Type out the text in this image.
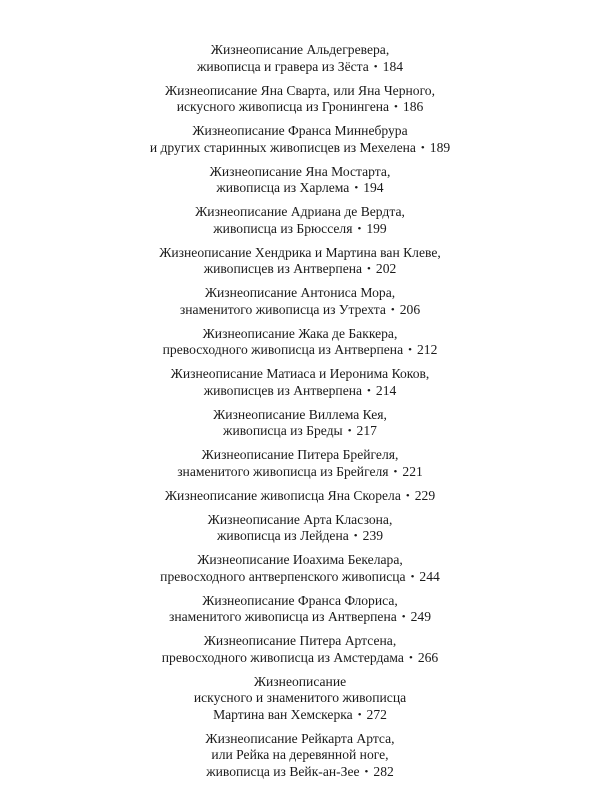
Жизнеописание Альдегревера,
живописца и гравера из Зёста • 184
Жизнеописание Яна Сварта, или Яна Черного,
искусного живописца из Гронингена • 186
Жизнеописание Франса Миннебрура
и других старинных живописцев из Мехелена • 189
Жизнеописание Яна Мостарта,
живописца из Харлема • 194
Жизнеописание Адриана де Вердта,
живописца из Брюсселя • 199
Жизнеописание Хендрика и Мартина ван Клеве,
живописцев из Антверпена • 202
Жизнеописание Антониса Мора,
знаменитого живописца из Утрехта • 206
Жизнеописание Жака де Баккера,
превосходного живописца из Антверпена • 212
Жизнеописание Матиаса и Иеронима Коков,
живописцев из Антверпена • 214
Жизнеописание Виллема Кея,
живописца из Бреды • 217
Жизнеописание Питера Брейгеля,
знаменитого живописца из Брейгеля • 221
Жизнеописание живописца Яна Скорела • 229
Жизнеописание Арта Класзона,
живописца из Лейдена • 239
Жизнеописание Иоахима Бекелара,
превосходного антверпенского живописца • 244
Жизнеописание Франса Флориса,
знаменитого живописца из Антверпена • 249
Жизнеописание Питера Артсена,
превосходного живописца из Амстердама • 266
Жизнеописание
искусного и знаменитого живописца
Мартина ван Хемскерка • 272
Жизнеописание Рейкарта Артса,
или Рейка на деревянной ноге,
живописца из Вейк-ан-Зее • 282
